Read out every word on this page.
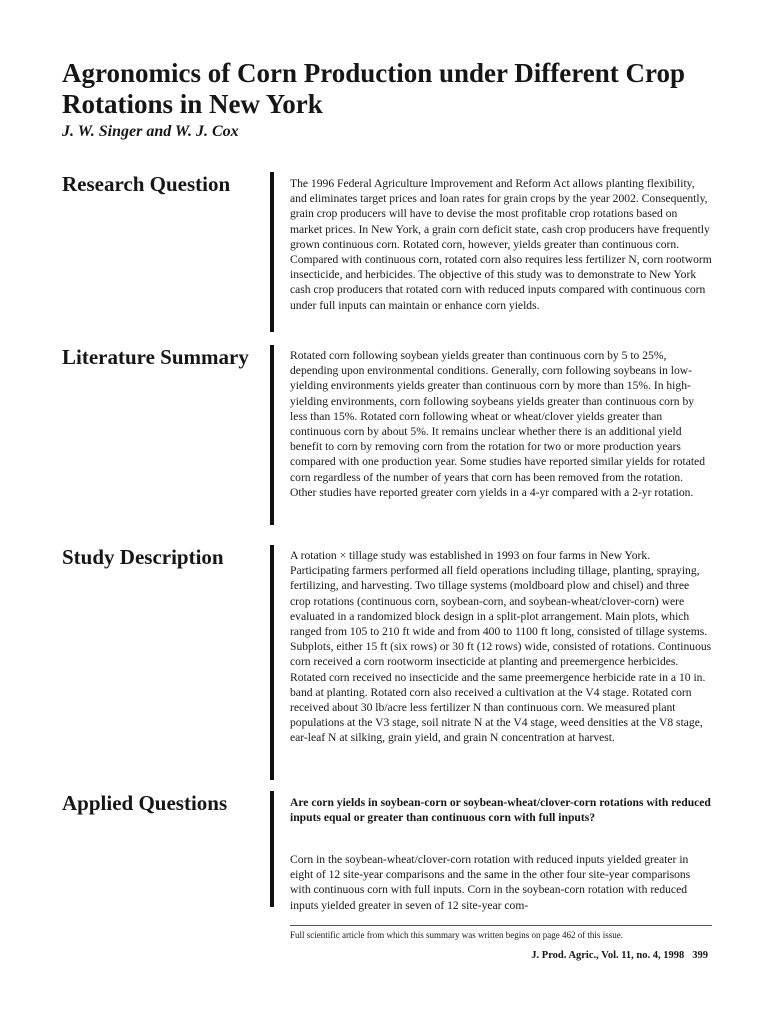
Agronomics of Corn Production under Different Crop Rotations in New York
J. W. Singer and W. J. Cox
Research Question	The 1996 Federal Agriculture Improvement and Reform Act allows planting flexibility, and eliminates target prices and loan rates for grain crops by the year 2002. Consequently, grain crop producers will have to devise the most profitable crop rotations based on market prices. In New York, a grain corn deficit state, cash crop producers have frequently grown continuous corn. Rotated corn, however, yields greater than continuous corn. Compared with continuous corn, rotated corn also requires less fertilizer N, corn rootworm insecticide, and herbicides. The objective of this study was to demonstrate to New York cash crop producers that rotated corn with reduced inputs compared with continuous corn under full inputs can maintain or enhance corn yields.

Literature Summary	Rotated corn following soybean yields greater than continuous corn by 5 to 25%, depending upon environmental conditions. Generally, corn following soybeans in low-yielding environments yields greater than continuous corn by more than 15%. In high-yielding environments, corn following soybeans yields greater than continuous corn by less than 15%. Rotated corn following wheat or wheat/clover yields greater than continuous corn by about 5%. It remains unclear whether there is an additional yield benefit to corn by removing corn from the rotation for two or more production years compared with one production year. Some studies have reported similar yields for rotated corn regardless of the number of years that corn has been removed from the rotation. Other studies have reported greater corn yields in a 4-yr compared with a 2-yr rotation.

Study Description	A rotation × tillage study was established in 1993 on four farms in New York. Participating farmers performed all field operations including tillage, planting, spraying, fertilizing, and harvesting. Two tillage systems (moldboard plow and chisel) and three crop rotations (continuous corn, soybean-corn, and soybean-wheat/clover-corn) were evaluated in a randomized block design in a split-plot arrangement. Main plots, which ranged from 105 to 210 ft wide and from 400 to 1100 ft long, consisted of tillage systems. Subplots, either 15 ft (six rows) or 30 ft (12 rows) wide, consisted of rotations. Continuous corn received a corn rootworm insecticide at planting and preemergence herbicides. Rotated corn received no insecticide and the same preemergence herbicide rate in a 10 in. band at planting. Rotated corn also received a cultivation at the V4 stage. Rotated corn received about 30 lb/acre less fertilizer N than continuous corn. We measured plant populations at the V3 stage, soil nitrate N at the V4 stage, weed densities at the V8 stage, ear-leaf N at silking, grain yield, and grain N concentration at harvest.

Applied Questions	Are corn yields in soybean-corn or soybean-wheat/clover-corn rotations with reduced inputs equal or greater than continuous corn with full inputs?

Corn in the soybean-wheat/clover-corn rotation with reduced inputs yielded greater in eight of 12 site-year comparisons and the same in the other four site-year comparisons with continuous corn with full inputs. Corn in the soybean-corn rotation with reduced inputs yielded greater in seven of 12 site-year com-

Full scientific article from which this summary was written begins on page 462 of this issue.
J. Prod. Agric., Vol. 11, no. 4, 1998 399
